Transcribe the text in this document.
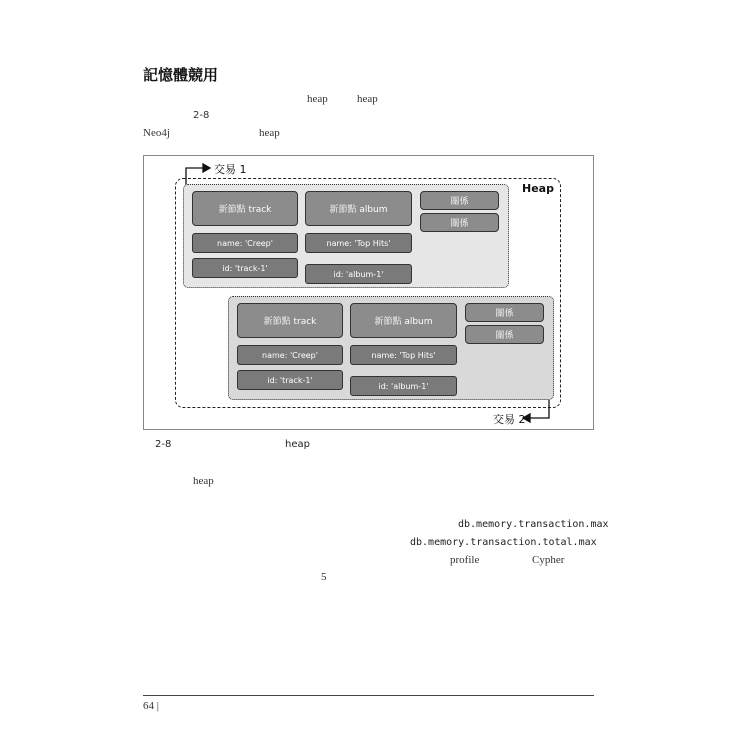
記憶體競用
heap	heap
2-8
Neo4j	heap
Heap
交易 1
交易 2
新節點 track	新節點 album
關係
關係
name: 'Creep'	name: 'Top Hits'
id: 'track-1'
id: 'album-1'
新節點 track	新節點 album
關係
關係
name: 'Creep'	name: 'Top Hits'
id: 'track-1'
id: 'album-1'
2-8	heap
heap
db.memory.transaction.max
db.memory.transaction.total.max
profile	Cypher
5
64 |
